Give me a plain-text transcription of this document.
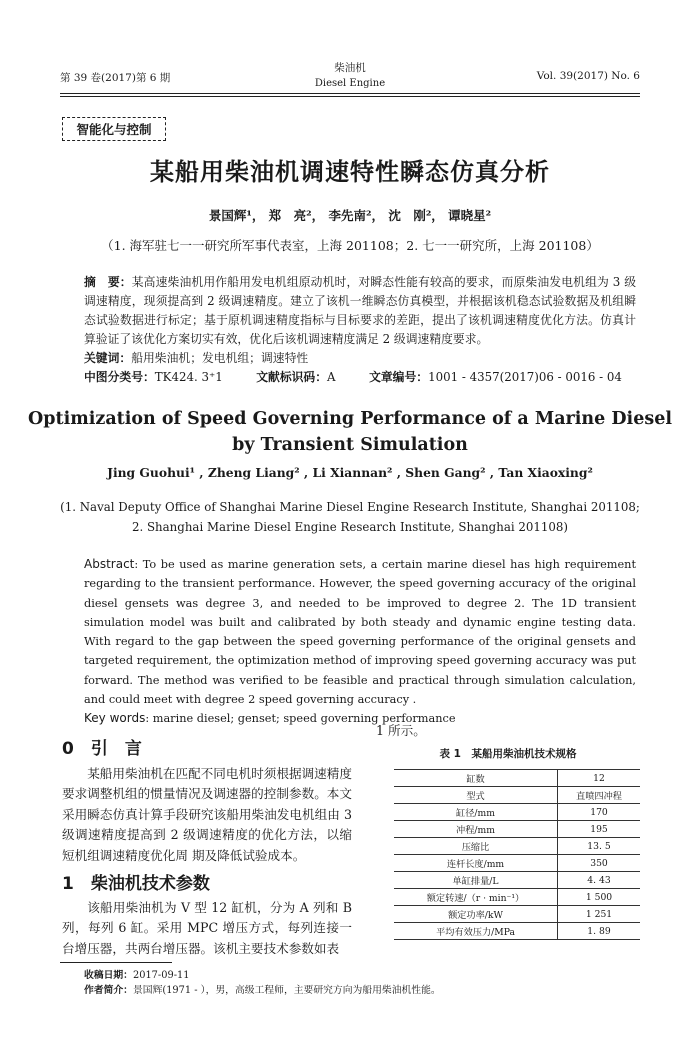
第 39 卷(2017)第 6 期
柴油机
Diesel Engine
Vol. 39(2017) No. 6
智能化与控制
某船用柴油机调速特性瞬态仿真分析
景国辉¹， 郑　亮²， 李先南²， 沈　刚²， 谭晓星²
（1. 海军驻七一一研究所军事代表室，上海 201108；2. 七一一研究所，上海 201108）
摘　要：某高速柴油机用作船用发电机组原动机时，对瞬态性能有较高的要求，而原柴油发电机组为 3 级调速精度，现须提高到 2 级调速精度。建立了该机一维瞬态仿真模型，并根据该机稳态试验数据及机组瞬态试验数据进行标定；基于原机调速精度指标与目标要求的差距，提出了该机调速精度优化方法。仿真计算验证了该优化方案切实有效，优化后该机调速精度满足 2 级调速精度要求。
关键词：船用柴油机；发电机组；调速特性
中图分类号：TK424. 3⁺1	文献标识码：A	文章编号：1001 - 4357(2017)06 - 0016 - 04
Optimization of Speed Governing Performance of a Marine Diesel
by Transient Simulation
Jing Guohui¹ , Zheng Liang² , Li Xiannan² , Shen Gang² , Tan Xiaoxing²
(1. Naval Deputy Office of Shanghai Marine Diesel Engine Research Institute, Shanghai 201108;
2. Shanghai Marine Diesel Engine Research Institute, Shanghai 201108)
Abstract: To be used as marine generation sets, a certain marine diesel has high requirement regarding to the transient performance. However, the speed governing accuracy of the original diesel gensets was degree 3, and needed to be improved to degree 2. The 1D transient simulation model was built and calibrated by both steady and dynamic engine testing data. With regard to the gap between the speed governing performance of the original gensets and targeted requirement, the optimization method of improving speed governing accuracy was put forward. The method was verified to be feasible and practical through simulation calculation, and could meet with degree 2 speed governing accuracy .
Key words: marine diesel; genset; speed governing performance
0　引　言
某船用柴油机在匹配不同电机时须根据调速精度要求调整机组的惯量情况及调速器的控制参数。本文采用瞬态仿真计算手段研究该船用柴油发电机组由 3 级调速精度提高到 2 级调速精度的优化方法，以缩短机组调速精度优化周 期及降低试验成本。
1　柴油机技术参数
该船用柴油机为 V 型 12 缸机，分为 A 列和 B 列，每列 6 缸。采用 MPC 增压方式，每列连接一台增压器，共两台增压器。该机主要技术参数如表
1 所示。
表 1　某船用柴油机技术规格
缸数	12
型式	直喷四冲程
缸径/mm	170
冲程/mm	195
压缩比	13. 5
连杆长度/mm	350
单缸排量/L	4. 43
额定转速/（r · min⁻¹）	1 500
额定功率/kW	1 251
平均有效压力/MPa	1. 89
收稿日期：2017-09-11
作者简介：景国辉(1971 - ），男，高级工程师，主要研究方向为船用柴油机性能。
